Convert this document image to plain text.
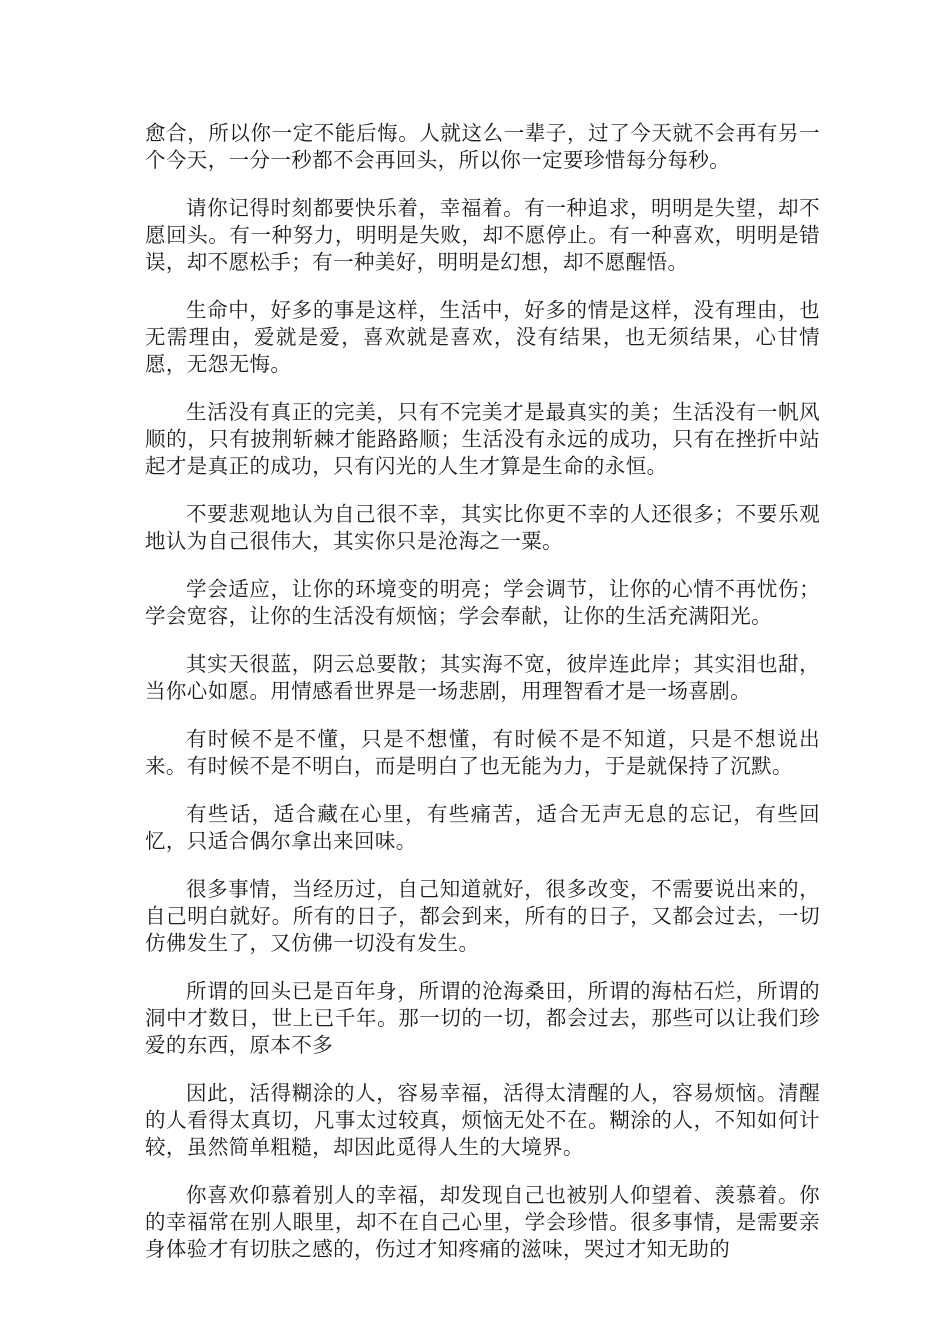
愈合，所以你一定不能后悔。人就这么一辈子，过了今天就不会再有另一个今天，一分一秒都不会再回头，所以你一定要珍惜每分每秒。

请你记得时刻都要快乐着，幸福着。有一种追求，明明是失望，却不愿回头。有一种努力，明明是失败，却不愿停止。有一种喜欢，明明是错误，却不愿松手；有一种美好，明明是幻想，却不愿醒悟。

生命中，好多的事是这样，生活中，好多的情是这样，没有理由，也无需理由，爱就是爱，喜欢就是喜欢，没有结果，也无须结果，心甘情愿，无怨无悔。

生活没有真正的完美，只有不完美才是最真实的美；生活没有一帆风顺的，只有披荆斩棘才能路路顺；生活没有永远的成功，只有在挫折中站起才是真正的成功，只有闪光的人生才算是生命的永恒。

不要悲观地认为自己很不幸，其实比你更不幸的人还很多；不要乐观地认为自己很伟大，其实你只是沧海之一粟。

学会适应，让你的环境变的明亮；学会调节，让你的心情不再忧伤；学会宽容，让你的生活没有烦恼；学会奉献，让你的生活充满阳光。

其实天很蓝，阴云总要散；其实海不宽，彼岸连此岸；其实泪也甜，当你心如愿。用情感看世界是一场悲剧，用理智看才是一场喜剧。

有时候不是不懂，只是不想懂，有时候不是不知道，只是不想说出来。有时候不是不明白，而是明白了也无能为力，于是就保持了沉默。

有些话，适合藏在心里，有些痛苦，适合无声无息的忘记，有些回忆，只适合偶尔拿出来回味。

很多事情，当经历过，自己知道就好，很多改变，不需要说出来的，自己明白就好。所有的日子，都会到来，所有的日子，又都会过去，一切仿佛发生了，又仿佛一切没有发生。

所谓的回头已是百年身，所谓的沧海桑田，所谓的海枯石烂，所谓的洞中才数日，世上已千年。那一切的一切，都会过去，那些可以让我们珍爱的东西，原本不多

因此，活得糊涂的人，容易幸福，活得太清醒的人，容易烦恼。清醒的人看得太真切，凡事太过较真，烦恼无处不在。糊涂的人，不知如何计较，虽然简单粗糙，却因此觅得人生的大境界。

你喜欢仰慕着别人的幸福，却发现自己也被别人仰望着、羡慕着。你的幸福常在别人眼里，却不在自己心里，学会珍惜。很多事情，是需要亲身体验才有切肤之感的，伤过才知疼痛的滋味，哭过才知无助的
